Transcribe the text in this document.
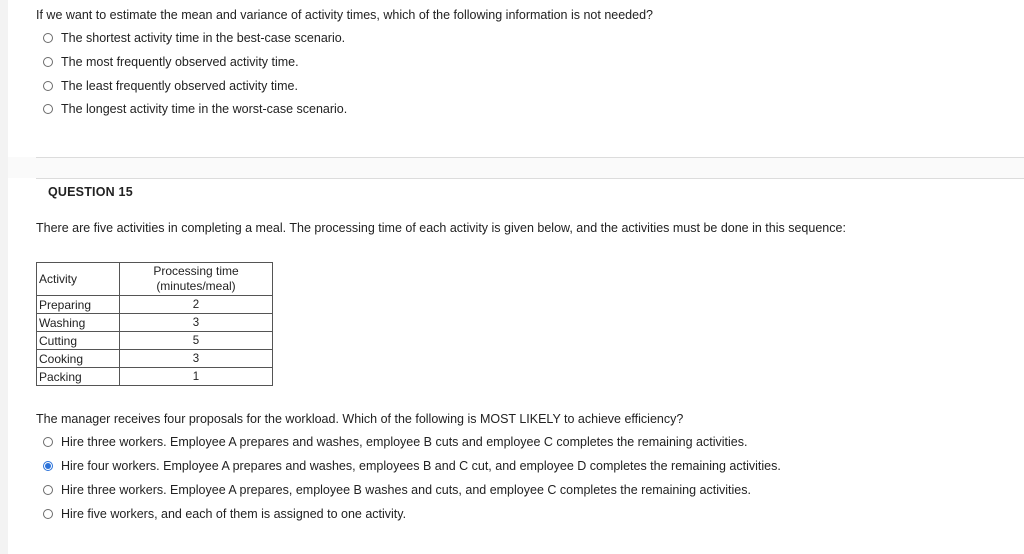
If we want to estimate the mean and variance of activity times, which of the following information is not needed?
The shortest activity time in the best-case scenario.
The most frequently observed activity time.
The least frequently observed activity time.
The longest activity time in the worst-case scenario.
QUESTION 15
There are five activities in completing a meal. The processing time of each activity is given below, and the activities must be done in this sequence:
Activity	Processing time
(minutes/meal)

Preparing	2
Washing	3
Cutting	5
Cooking	3
Packing	1
The manager receives four proposals for the workload. Which of the following is MOST LIKELY to achieve efficiency?
Hire three workers. Employee A prepares and washes, employee B cuts and employee C completes the remaining activities.
Hire four workers. Employee A prepares and washes, employees B and C cut, and employee D completes the remaining activities.
Hire three workers. Employee A prepares, employee B washes and cuts, and employee C completes the remaining activities.
Hire five workers, and each of them is assigned to one activity.
